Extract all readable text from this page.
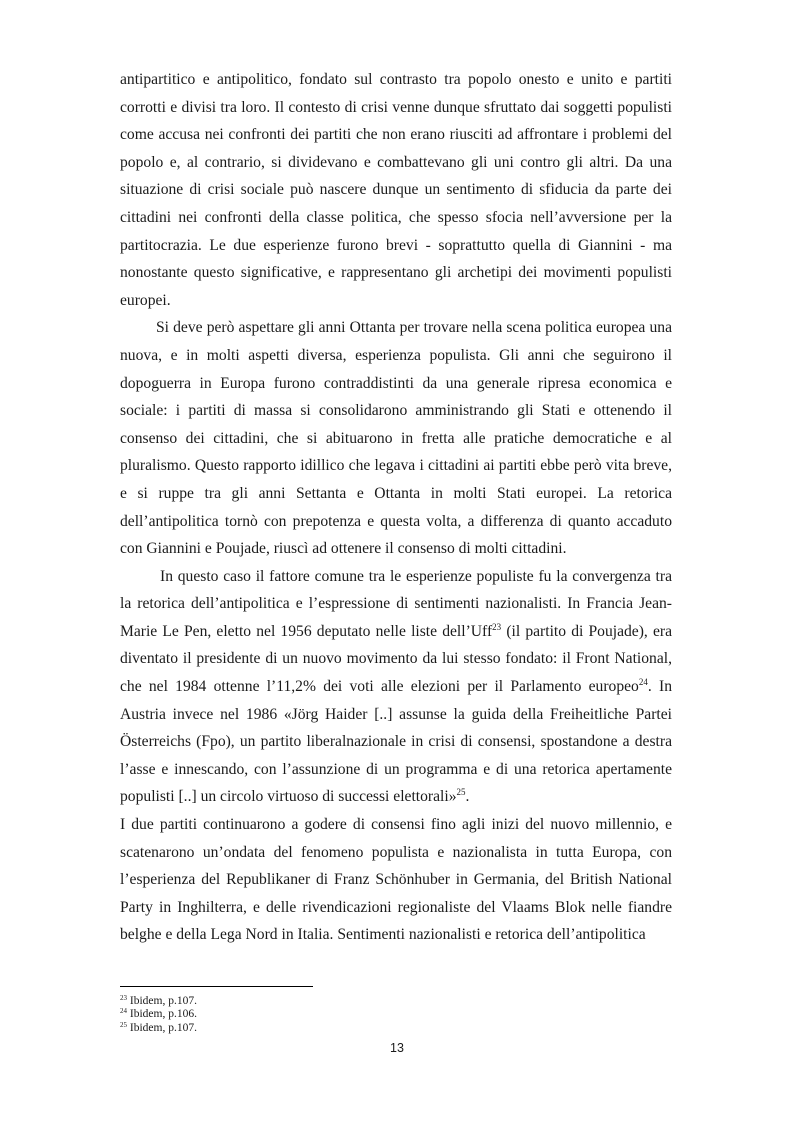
antipartitico e antipolitico, fondato sul contrasto tra popolo onesto e unito e partiti corrotti e divisi tra loro. Il contesto di crisi venne dunque sfruttato dai soggetti populisti come accusa nei confronti dei partiti che non erano riusciti ad affrontare i problemi del popolo e, al contrario, si dividevano e combattevano gli uni contro gli altri. Da una situazione di crisi sociale può nascere dunque un sentimento di sfiducia da parte dei cittadini nei confronti della classe politica, che spesso sfocia nell’avversione per la partitocrazia. Le due esperienze furono brevi - soprattutto quella di Giannini - ma nonostante questo significative, e rappresentano gli archetipi dei movimenti populisti europei.

Si deve però aspettare gli anni Ottanta per trovare nella scena politica europea una nuova, e in molti aspetti diversa, esperienza populista. Gli anni che seguirono il dopoguerra in Europa furono contraddistinti da una generale ripresa economica e sociale: i partiti di massa si consolidarono amministrando gli Stati e ottenendo il consenso dei cittadini, che si abituarono in fretta alle pratiche democratiche e al pluralismo. Questo rapporto idillico che legava i cittadini ai partiti ebbe però vita breve, e si ruppe tra gli anni Settanta e Ottanta in molti Stati europei. La retorica dell’antipolitica tornò con prepotenza e questa volta, a differenza di quanto accaduto con Giannini e Poujade, riuscì ad ottenere il consenso di molti cittadini.

In questo caso il fattore comune tra le esperienze populiste fu la convergenza tra la retorica dell’antipolitica e l’espressione di sentimenti nazionalisti. In Francia Jean-Marie Le Pen, eletto nel 1956 deputato nelle liste dell’Uff$^{23}$ (il partito di Poujade), era diventato il presidente di un nuovo movimento da lui stesso fondato: il Front National, che nel 1984 ottenne l’11,2% dei voti alle elezioni per il Parlamento europeo$^{24}$. In Austria invece nel 1986 «Jörg Haider [..] assunse la guida della Freiheitliche Partei Österreichs (Fpo), un partito liberalnazionale in crisi di consensi, spostandone a destra l’asse e innescando, con l’assunzione di un programma e di una retorica apertamente populisti [..] un circolo virtuoso di successi elettorali»$^{25}$.

I due partiti continuarono a godere di consensi fino agli inizi del nuovo millennio, e scatenarono un’ondata del fenomeno populista e nazionalista in tutta Europa, con l’esperienza del Republikaner di Franz Schönhuber in Germania, del British National Party in Inghilterra, e delle rivendicazioni regionaliste del Vlaams Blok nelle fiandre belghe e della Lega Nord in Italia. Sentimenti nazionalisti e retorica dell’antipolitica

$^{23}$ Ibidem, p.107.
$^{24}$ Ibidem, p.106.
$^{25}$ Ibidem, p.107.
13
